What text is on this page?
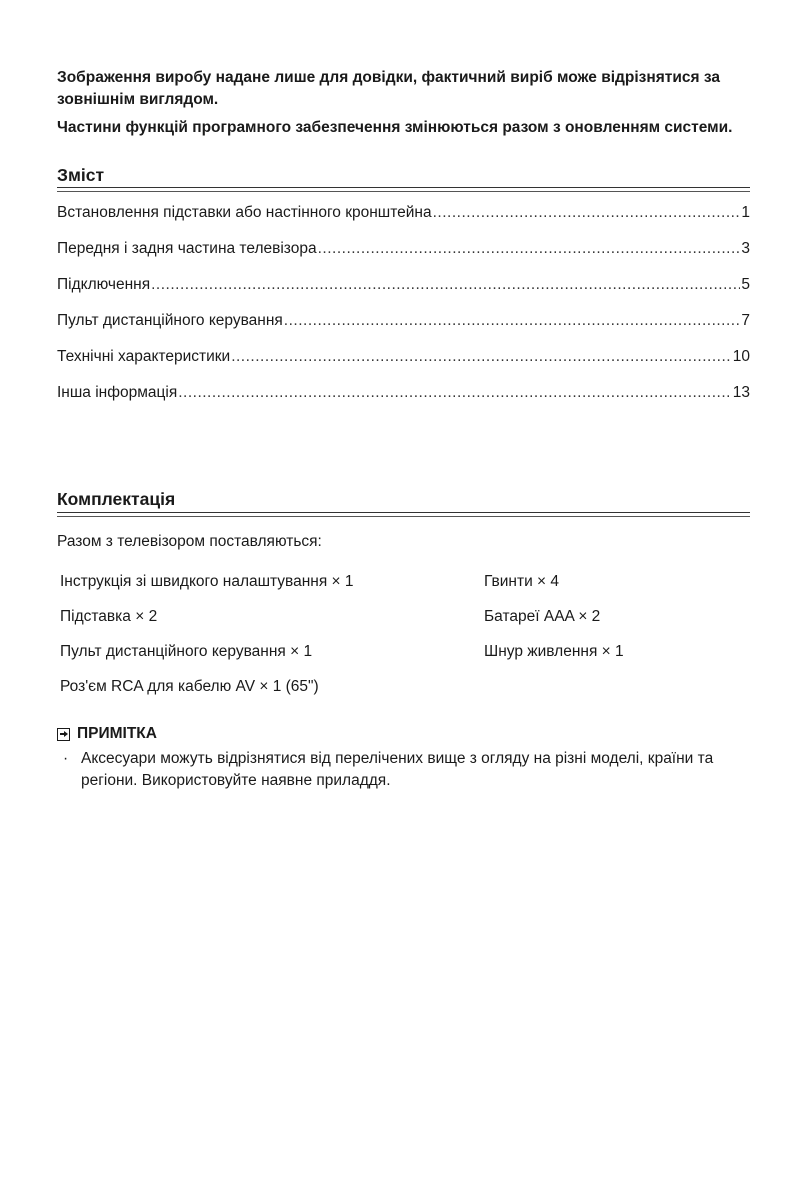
Зображення виробу надане лише для довідки, фактичний виріб може відрізнятися за зовнішнім виглядом.
Частини функцій програмного забезпечення змінюються разом з оновленням системи.
Зміст
Встановлення підставки або настінного кронштейна .....	1
Передня і задня частина телевізора .....	3
Підключення .....	5
Пульт дистанційного керування .....	7
Технічні характеристики .....	10
Інша інформація .....	13
Комплектація
Разом з телевізором поставляються:
Інструкція зі швидкого налаштування × 1
Підставка × 2
Пульт дистанційного керування × 1
Роз'єм RCA для кабелю AV × 1 (65")
Гвинти × 4
Батареї AAA × 2
Шнур живлення × 1
ПРИМІТКА
· Аксесуари можуть відрізнятися від перелічених вище з огляду на різні моделі, країни та регіони. Використовуйте наявне приладдя.
